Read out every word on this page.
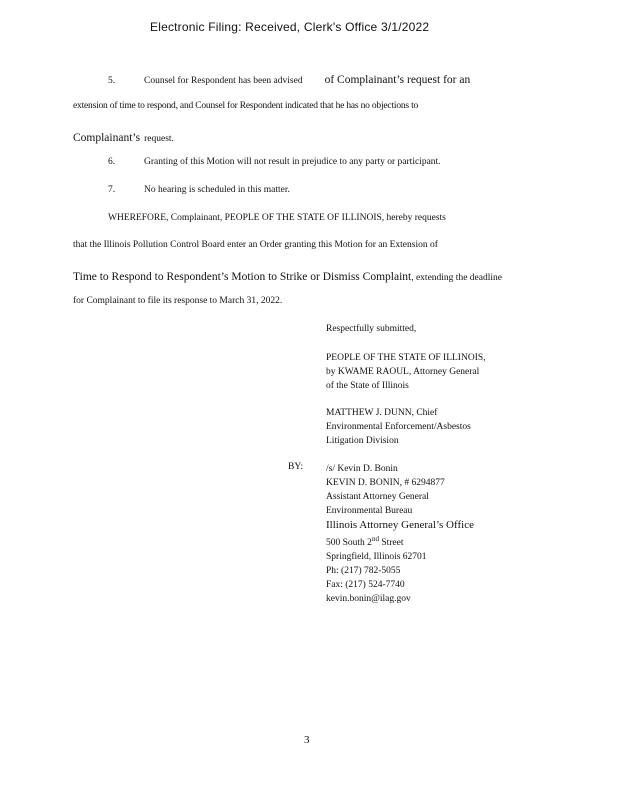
Electronic Filing: Received, Clerk's Office 3/1/2022
5.	Counsel for Respondent has been advised of Complainant’s request for an
extension of time to respond, and Counsel for Respondent indicated that he has no objections to
Complainant’s request.
6.	Granting of this Motion will not result in prejudice to any party or participant.
7.	No hearing is scheduled in this matter.
WHEREFORE, Complainant, PEOPLE OF THE STATE OF ILLINOIS, hereby requests
that the Illinois Pollution Control Board enter an Order granting this Motion for an Extension of
Time to Respond to Respondent’s Motion to Strike or Dismiss Complaint, extending the deadline
for Complainant to file its response to March 31, 2022.
Respectfully submitted,
PEOPLE OF THE STATE OF ILLINOIS,
by KWAME RAOUL, Attorney General
of the State of Illinois
MATTHEW J. DUNN, Chief
Environmental Enforcement/Asbestos
Litigation Division
BY: /s/ Kevin D. Bonin
KEVIN D. BONIN, # 6294877
Assistant Attorney General
Environmental Bureau
Illinois Attorney General’s Office
500 South 2nd Street
Springfield, Illinois 62701
Ph: (217) 782-5055
Fax: (217) 524-7740
kevin.bonin@ilag.gov
3
